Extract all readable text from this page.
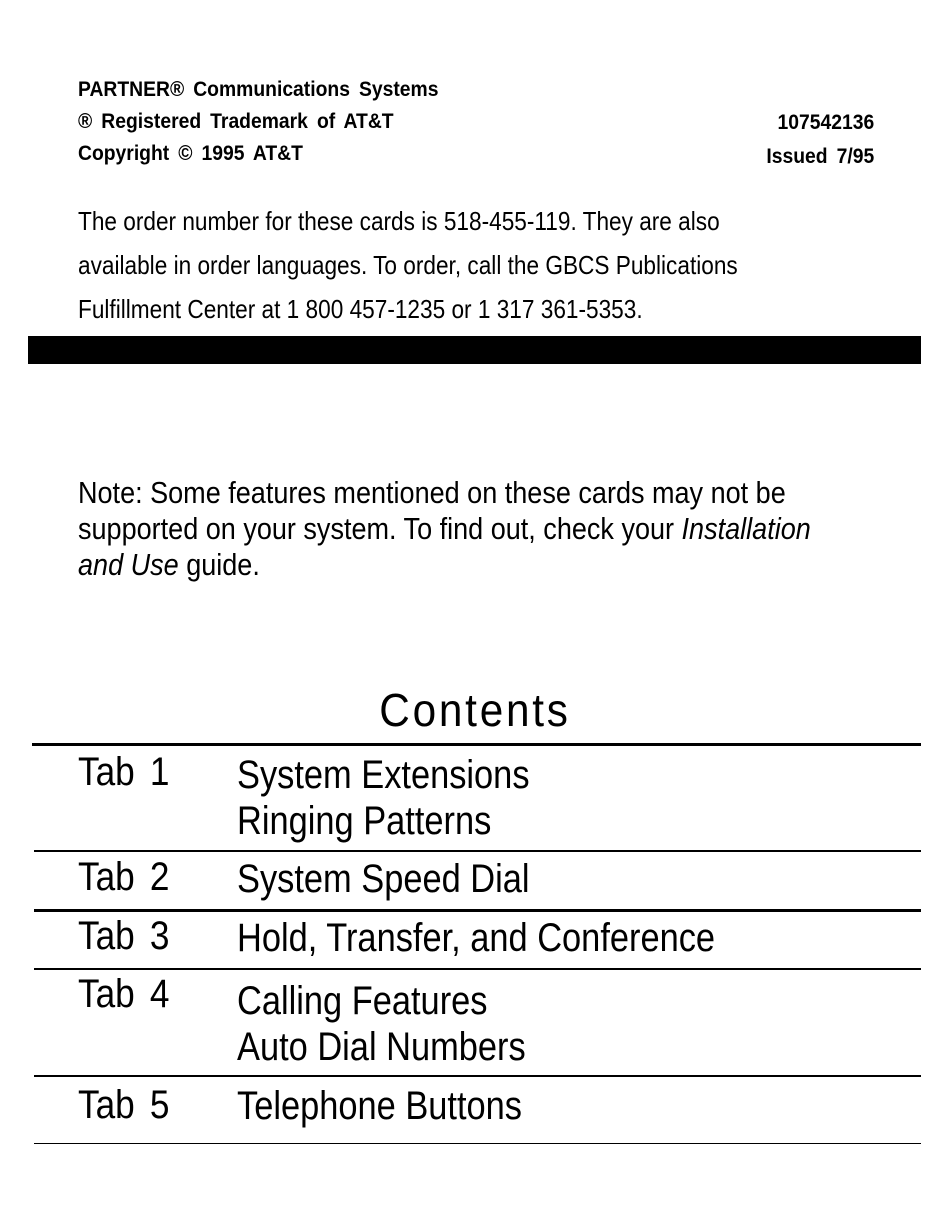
PARTNER® Communications Systems
® Registered Trademark of AT&T
Copyright © 1995 AT&T
107542136
Issued 7/95
The order number for these cards is 518-455-119. They are also
available in order languages. To order, call the GBCS Publications
Fulfillment Center at 1 800 457-1235 or 1 317 361-5353.
Note: Some features mentioned on these cards may not be
supported on your system. To find out, check your Installation
and Use guide.
Contents
Tab 1 System Extensions
Ringing Patterns
Tab 2 System Speed Dial
Tab 3 Hold, Transfer, and Conference
Tab 4 Calling Features
Auto Dial Numbers
Tab 5 Telephone Buttons
